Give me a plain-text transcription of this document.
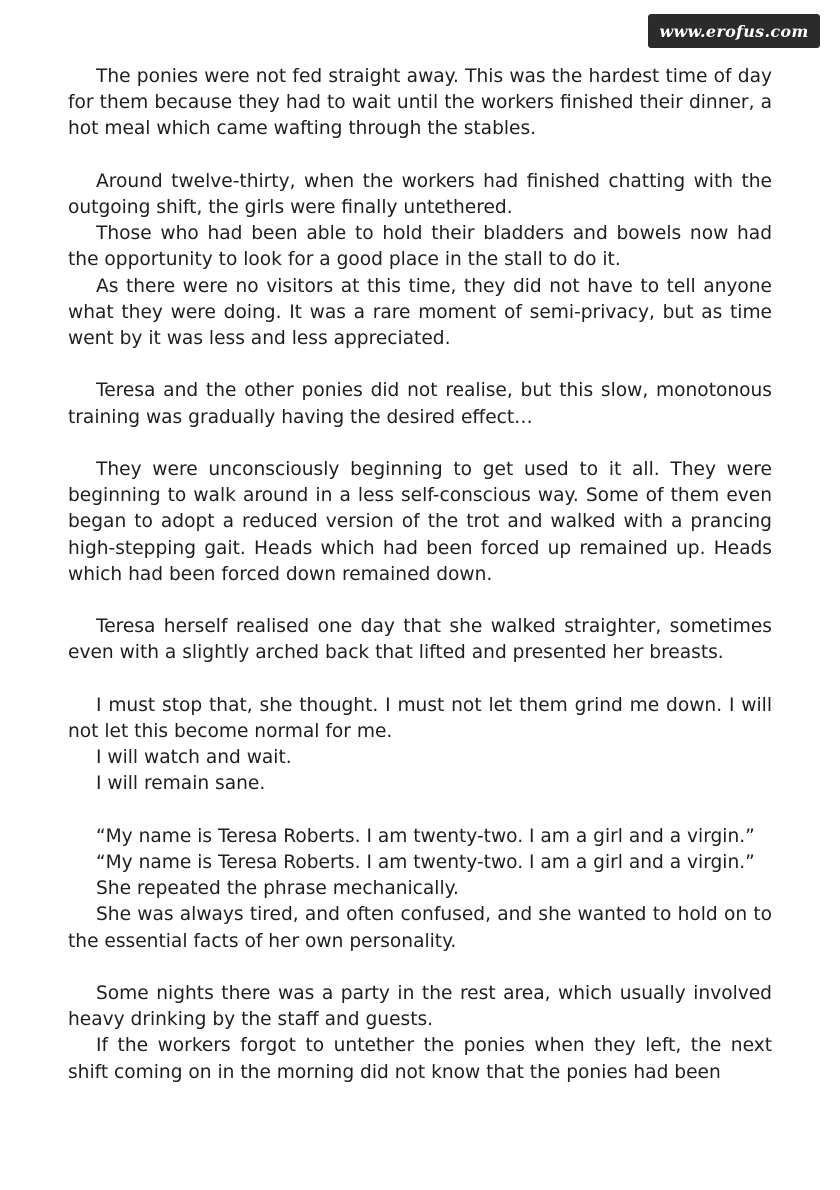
www.erofus.com

The ponies were not fed straight away. This was the hardest time of day for them because they had to wait until the workers finished their dinner, a hot meal which came wafting through the stables.

Around twelve-thirty, when the workers had finished chatting with the outgoing shift, the girls were finally untethered.

Those who had been able to hold their bladders and bowels now had the opportunity to look for a good place in the stall to do it.

As there were no visitors at this time, they did not have to tell anyone what they were doing. It was a rare moment of semi-privacy, but as time went by it was less and less appreciated.

Teresa and the other ponies did not realise, but this slow, monotonous training was gradually having the desired effect…

They were unconsciously beginning to get used to it all. They were beginning to walk around in a less self-conscious way. Some of them even began to adopt a reduced version of the trot and walked with a prancing high-stepping gait. Heads which had been forced up remained up. Heads which had been forced down remained down.

Teresa herself realised one day that she walked straighter, sometimes even with a slightly arched back that lifted and presented her breasts.

I must stop that, she thought. I must not let them grind me down. I will not let this become normal for me.

I will watch and wait.

I will remain sane.

“My name is Teresa Roberts. I am twenty-two. I am a girl and a virgin.”

“My name is Teresa Roberts. I am twenty-two. I am a girl and a virgin.”

She repeated the phrase mechanically.

She was always tired, and often confused, and she wanted to hold on to the essential facts of her own personality.

Some nights there was a party in the rest area, which usually involved heavy drinking by the staff and guests.

If the workers forgot to untether the ponies when they left, the next shift coming on in the morning did not know that the ponies had been
